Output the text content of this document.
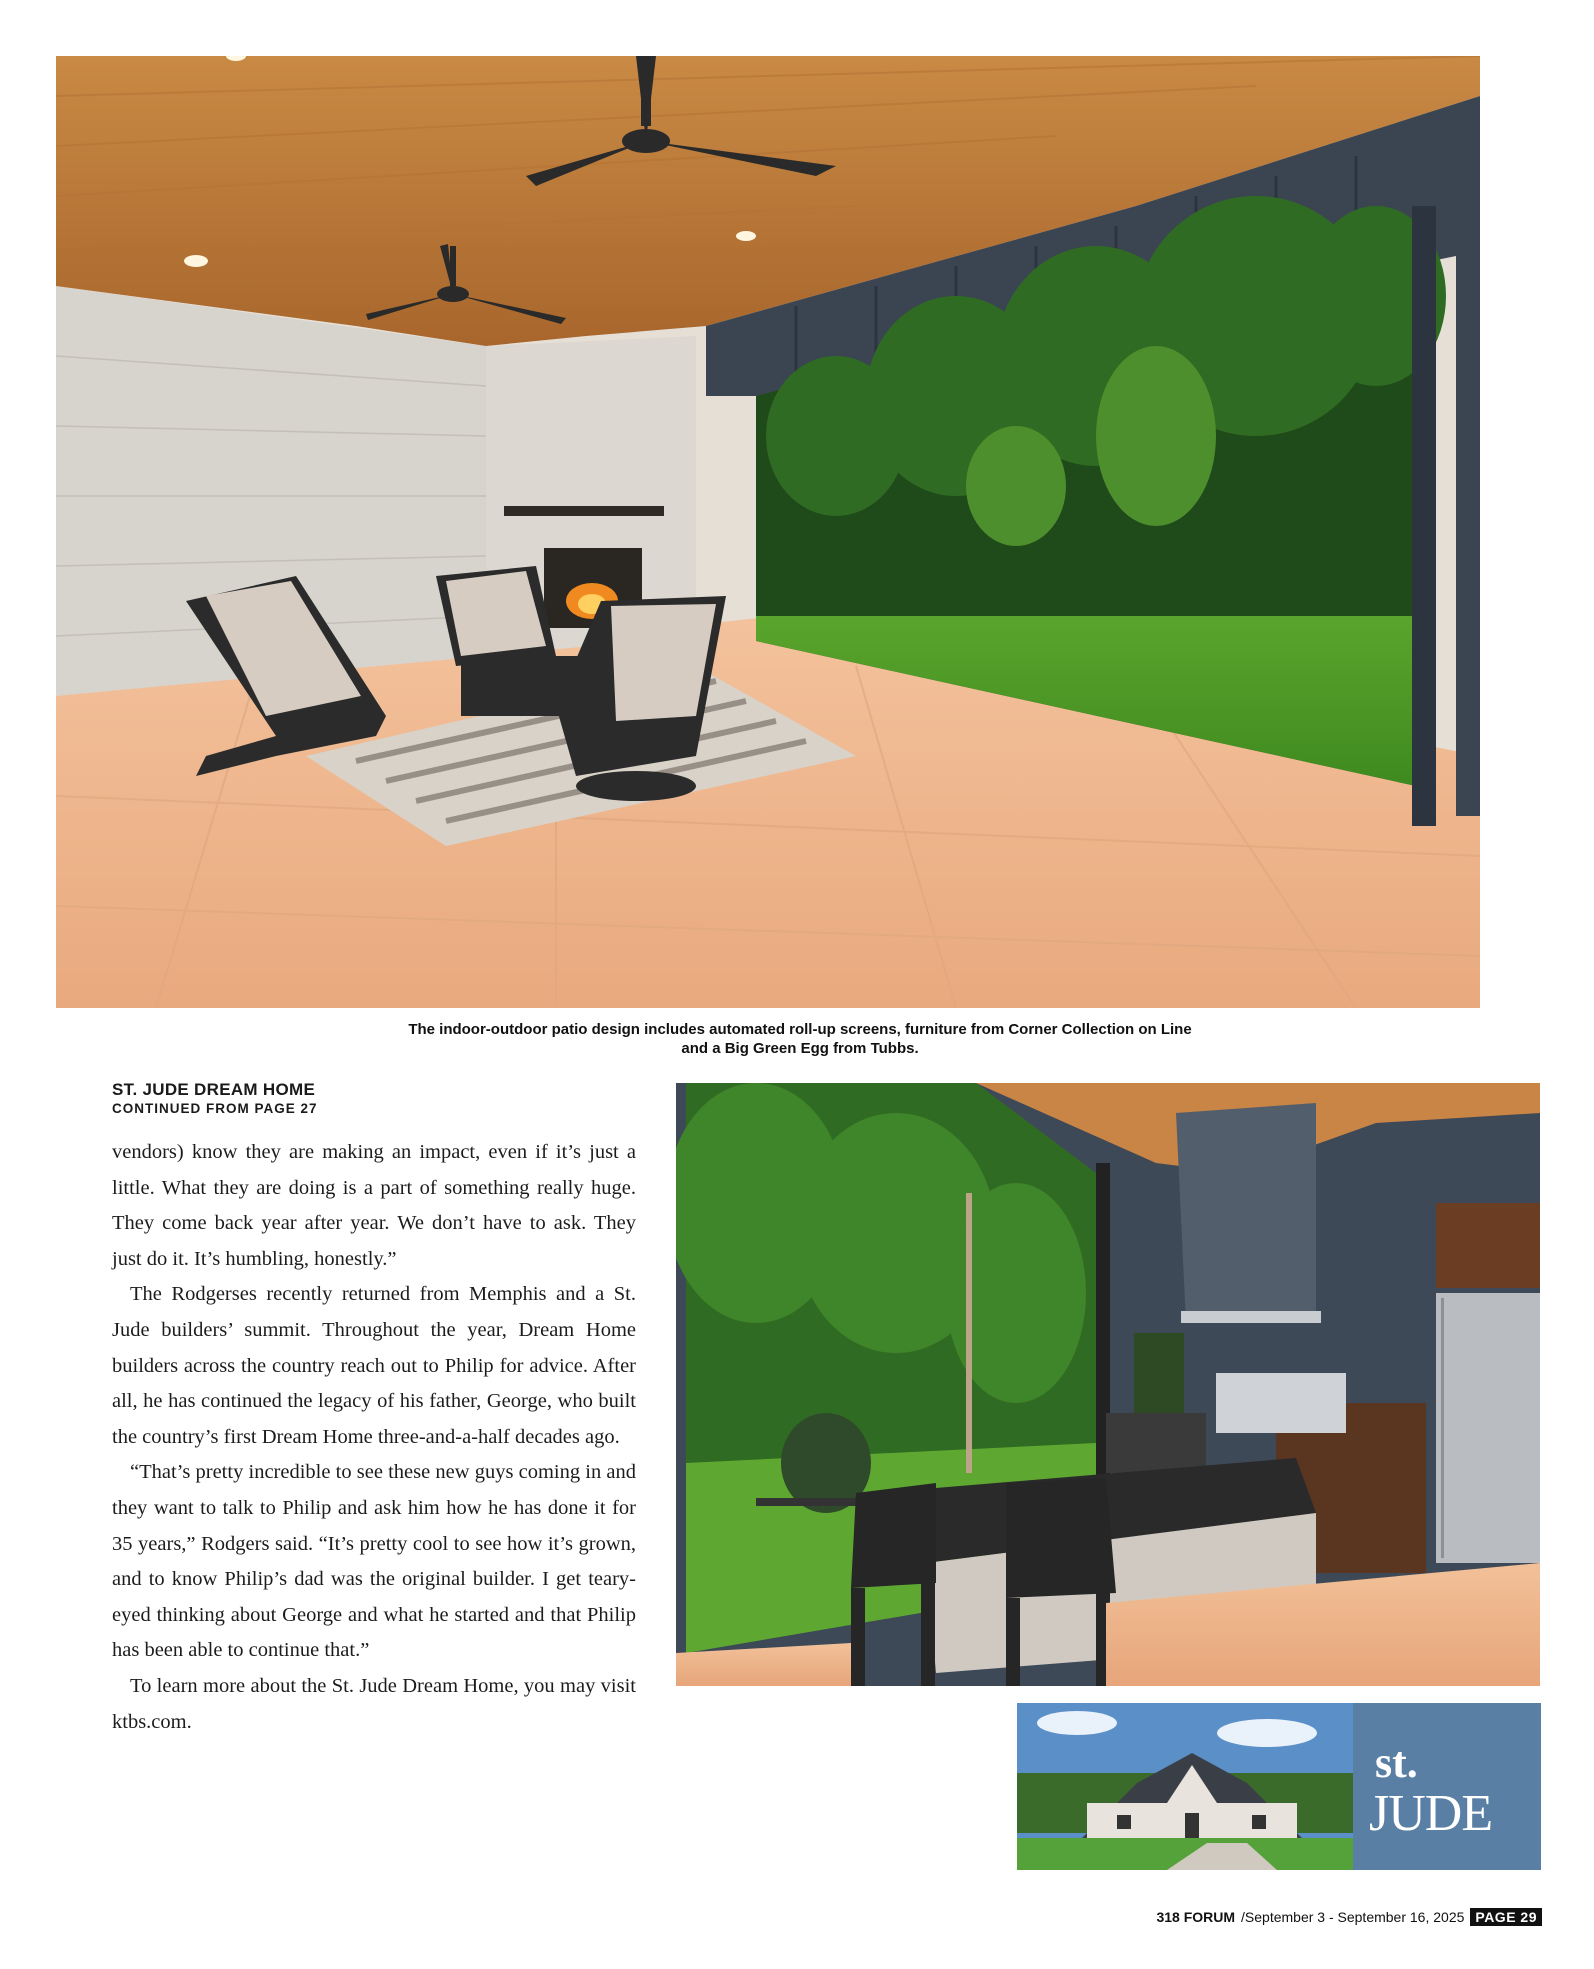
The indoor-outdoor patio design includes automated roll-up screens, furniture from Corner Collection on Line
and a Big Green Egg from Tubbs.
ST. JUDE DREAM HOME
CONTINUED FROM PAGE 27

vendors) know they are making an impact, even if it’s just a little. What they are doing is a part of something really huge. They come back year after year. We don’t have to ask. They just do it. It’s humbling, honestly.”

The Rodgerses recently returned from Memphis and a St. Jude builders’ summit. Throughout the year, Dream Home builders across the country reach out to Philip for advice. After all, he has continued the legacy of his father, George, who built the country’s first Dream Home three-and-a-half decades ago.

“That’s pretty incredible to see these new guys coming in and they want to talk to Philip and ask him how he has done it for 35 years,” Rodgers said. “It’s pretty cool to see how it’s grown, and to know Philip’s dad was the original builder. I get teary-eyed thinking about George and what he started and that Philip has been able to continue that.”

To learn more about the St. Jude Dream Home, you may visit ktbs.com.

st.
JUDE
318 FORUM /September 3 - September 16, 2025 PAGE 29
